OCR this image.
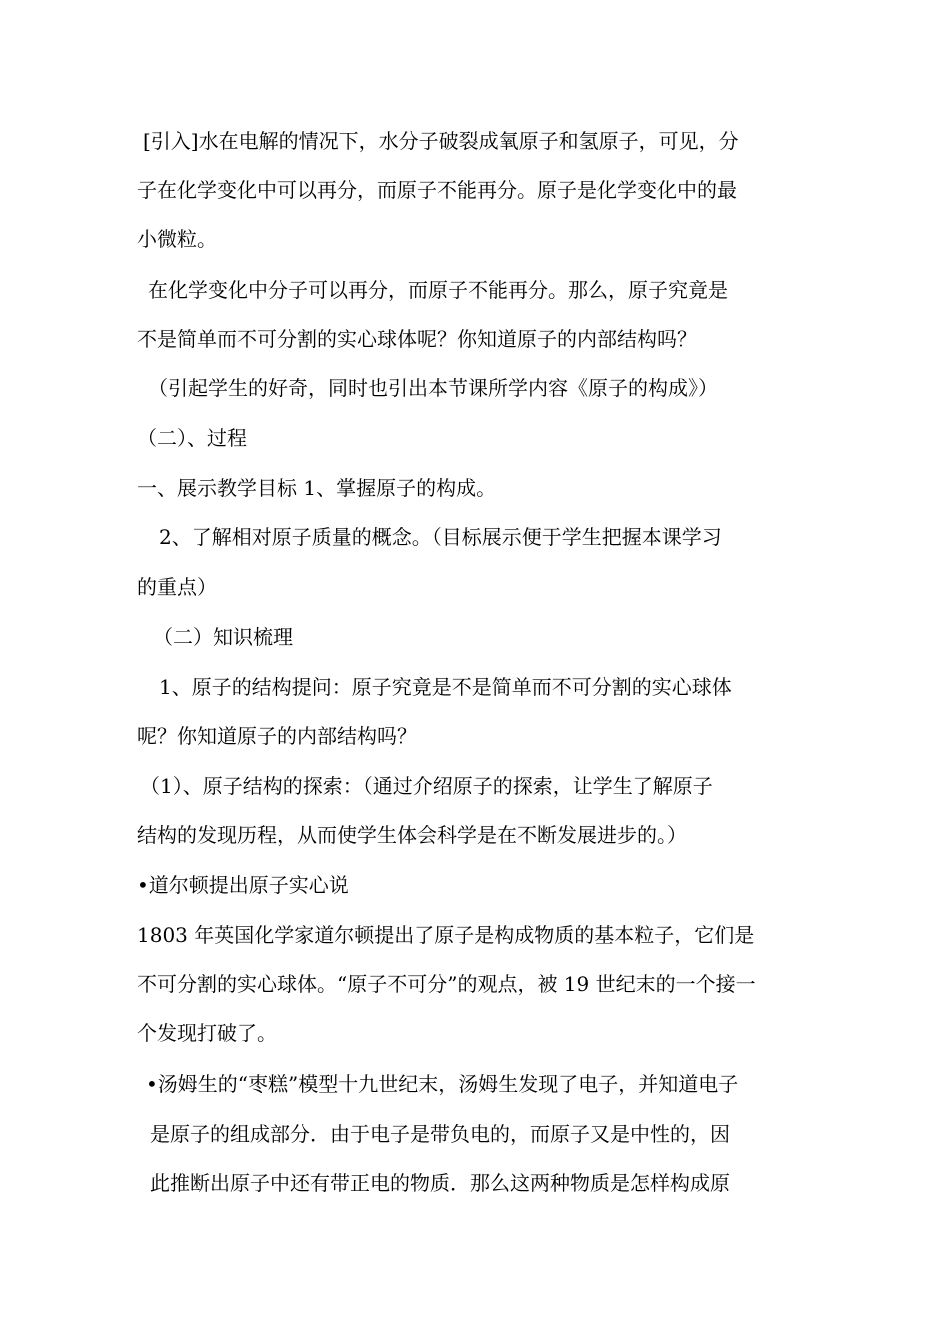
[引入]水在电解的情况下，水分子破裂成氧原子和氢原子，可见，分
子在化学变化中可以再分，而原子不能再分。原子是化学变化中的最
小微粒。
在化学变化中分子可以再分，而原子不能再分。那么，原子究竟是
不是简单而不可分割的实心球体呢？你知道原子的内部结构吗？
（引起学生的好奇，同时也引出本节课所学内容《原子的构成》）
（二）、过程
一、展示教学目标 1、掌握原子的构成。
2、了解相对原子质量的概念。（目标展示便于学生把握本课学习
的重点）
（二）知识梳理
1、原子的结构提问：原子究竟是不是简单而不可分割的实心球体
呢？你知道原子的内部结构吗？
（1）、原子结构的探索：（通过介绍原子的探索，让学生了解原子
结构的发现历程，从而使学生体会科学是在不断发展进步的。）
•道尔顿提出原子实心说
1803 年英国化学家道尔顿提出了原子是构成物质的基本粒子，它们是
不可分割的实心球体。“原子不可分”的观点，被 19 世纪末的一个接一
个发现打破了。
•汤姆生的“枣糕”模型十九世纪末，汤姆生发现了电子，并知道电子
是原子的组成部分．由于电子是带负电的，而原子又是中性的，因
此推断出原子中还有带正电的物质．那么这两种物质是怎样构成原
